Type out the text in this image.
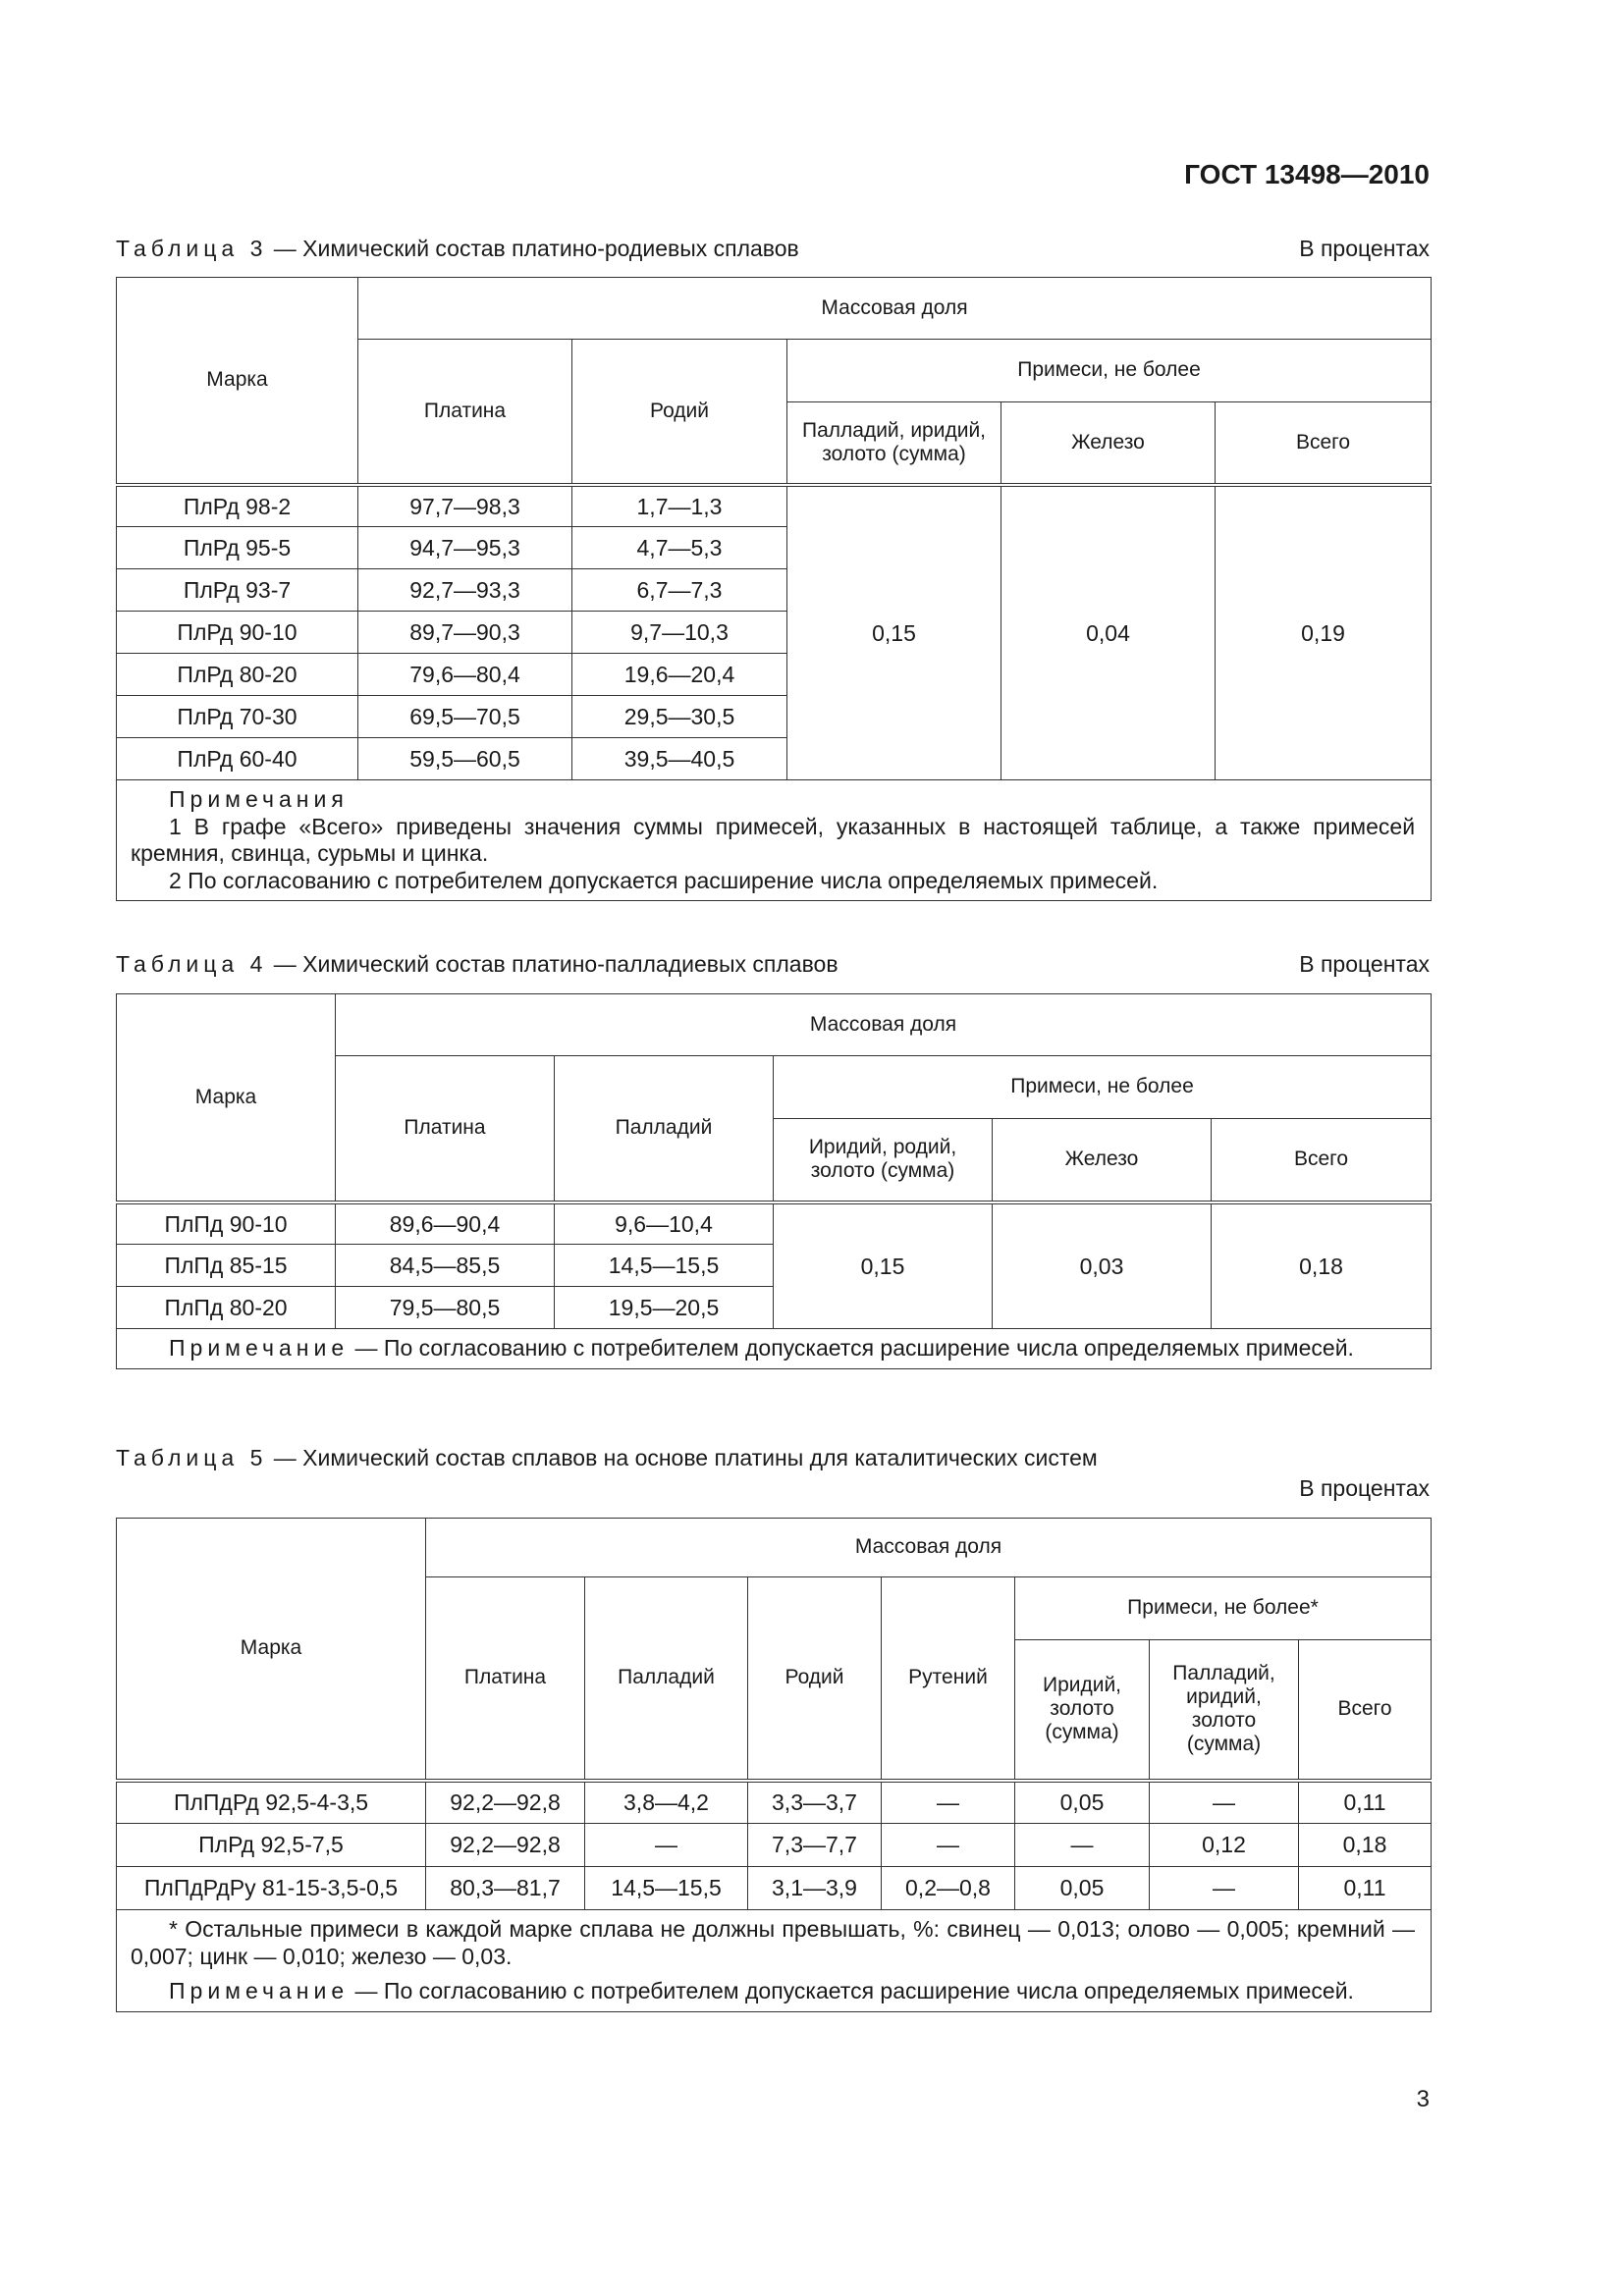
ГОСТ 13498—2010
Таблица 3 — Химический состав платино-родиевых сплавов	В процентах
Марка	Массовая доля				
	Платина	Родий	Примеси, не более		
			Палладий, иридий, золото (сумма)	Железо	Всего
ПлРд 98-2	97,7—98,3	1,7—1,3	0,15	0,04	0,19
ПлРд 95-5	94,7—95,3	4,7—5,3			
ПлРд 93-7	92,7—93,3	6,7—7,3			
ПлРд 90-10	89,7—90,3	9,7—10,3			
ПлРд 80-20	79,6—80,4	19,6—20,4			
ПлРд 70-30	69,5—70,5	29,5—30,5			
ПлРд 60-40	59,5—60,5	39,5—40,5			

Примечания

1 В графе «Всего» приведены значения суммы примесей, указанных в настоящей таблице, а также примесей кремния, свинца, сурьмы и цинка.

2 По согласованию с потребителем допускается расширение числа определяемых примесей.					

Таблица 4 — Химический состав платино-палладиевых сплавов	В процентах
Марка	Массовая доля				
	Платина	Палладий	Примеси, не более		
			Иридий, родий, золото (сумма)	Железо	Всего
ПлПд 90-10	89,6—90,4	9,6—10,4	0,15	0,03	0,18
ПлПд 85-15	84,5—85,5	14,5—15,5			
ПлПд 80-20	79,5—80,5	19,5—20,5			

Примечание — По согласованию с потребителем допускается расширение числа определяемых примесей.					

Таблица 5 — Химический состав сплавов на основе платины для каталитических систем
В процентах
Марка	Массовая доля						
	Платина	Палладий	Родий	Рутений	Примеси, не более*		
					Иридий, золото (сумма)	Палладий, иридий, золото (сумма)	Всего
ПлПдРд 92,5-4-3,5	92,2—92,8	3,8—4,2	3,3—3,7	—	0,05	—	0,11
ПлРд 92,5-7,5	92,2—92,8	—	7,3—7,7	—	—	0,12	0,18
ПлПдРдРу 81-15-3,5-0,5	80,3—81,7	14,5—15,5	3,1—3,9	0,2—0,8	0,05	—	0,11

* Остальные примеси в каждой марке сплава не должны превышать, %: свинец — 0,013; олово — 0,005; кремний — 0,007; цинк — 0,010; железо — 0,03.

Примечание — По согласованию с потребителем допускается расширение числа определяемых примесей.							

3
